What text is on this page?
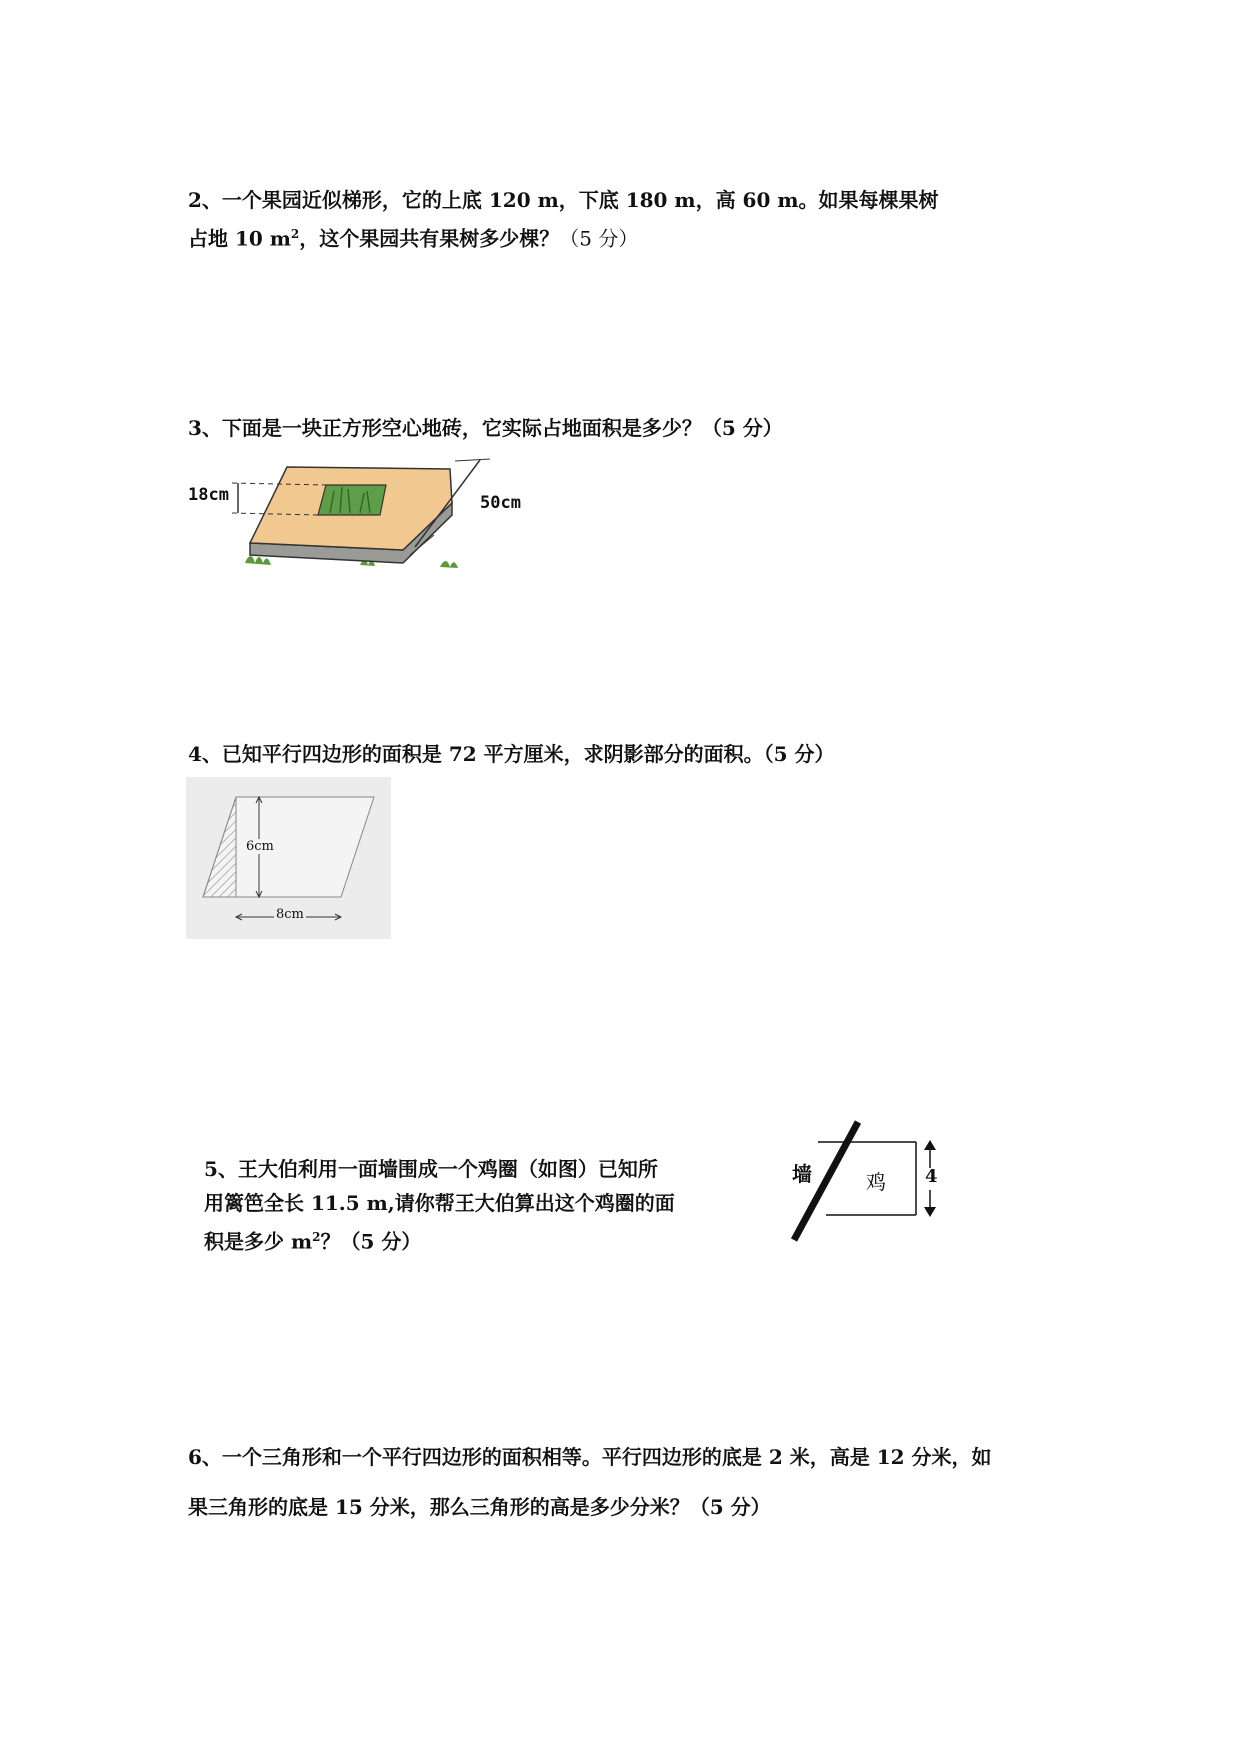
2、一个果园近似梯形，它的上底 120 m，下底 180 m，高 60 m。如果每棵果树
占地 10 $m^2$，这个果园共有果树多少棵？（5 分）
3、下面是一块正方形空心地砖，它实际占地面积是多少？（5 分）
18cm	50cm
4、已知平行四边形的面积是 72 平方厘米，求阴影部分的面积。（5 分）
6cm
8cm
5、王大伯利用一面墙围成一个鸡圈（如图）已知所
用篱笆全长 11.5 m,请你帮王大伯算出这个鸡圈的面
积是多少 $m^2$？（5 分）
墙	鸡 4
6、一个三角形和一个平行四边形的面积相等。平行四边形的底是 2 米，高是 12 分米，如
果三角形的底是 15 分米，那么三角形的高是多少分米？（5 分）
